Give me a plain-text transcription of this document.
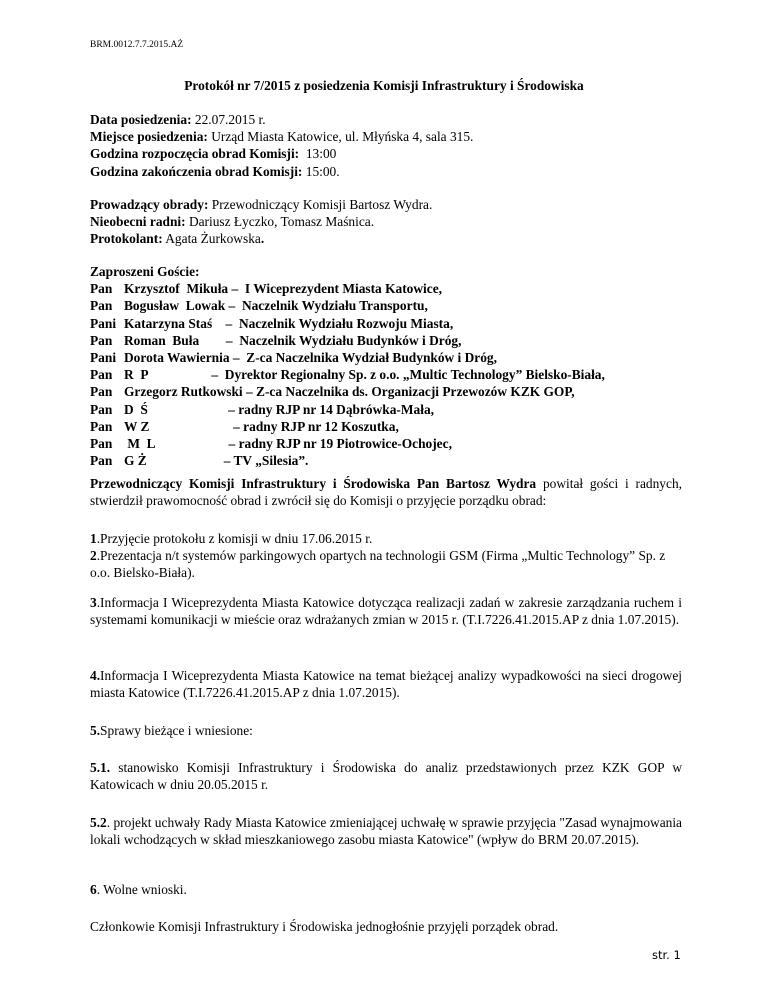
BRM.0012.7.7.2015.AŻ
Protokół nr 7/2015 z posiedzenia Komisji Infrastruktury i Środowiska

Data posiedzenia: 22.07.2015 r.

Miejsce posiedzenia: Urząd Miasta Katowice, ul. Młyńska 4, sala 315.

Godzina rozpoczęcia obrad Komisji:  13:00

Godzina zakończenia obrad Komisji: 15:00.

Prowadzący obrady: Przewodniczący Komisji Bartosz Wydra.

Nieobecni radni: Dariusz Łyczko, Tomasz Maśnica.

Protokolant: Agata Żurkowska.

Zaproszeni Goście:
Pan Krzysztof  Mikuła – I Wiceprezydent Miasta Katowice,
Pan Bogusław  Lowak – Naczelnik Wydziału Transportu,
Pani Katarzyna Staś    – Naczelnik Wydziału Rozwoju Miasta,
Pan Roman  Buła        – Naczelnik Wydziału Budynków i Dróg,
Pani Dorota Wawiernia – Z-ca Naczelnika Wydział Budynków i Dróg,
Pan R  P                   – Dyrektor Regionalny Sp. z o.o. „Multic Technology” Bielsko-Biała,
Pan Grzegorz Rutkowski – Z-ca Naczelnika ds. Organizacji Przewozów KZK GOP,
Pan D  Ś                        – radny RJP nr 14 Dąbrówka-Mała,
Pan W Z                         – radny RJP nr 12 Koszutka,
Pan M  L                      – radny RJP nr 19 Piotrowice-Ochojec,
Pan G Ż                       – TV „Silesia”.
Przewodniczący Komisji Infrastruktury i Środowiska Pan Bartosz Wydra powitał gości i radnych, stwierdził prawomocność obrad i zwrócił się do Komisji o przyjęcie porządku obrad:

1.Przyjęcie protokołu z komisji w dniu 17.06.2015 r.

2.Prezentacja n/t systemów parkingowych opartych na technologii GSM (Firma „Multic Technology” Sp. z o.o. Bielsko-Biała).

3.Informacja I Wiceprezydenta Miasta Katowice dotycząca realizacji zadań w zakresie zarządzania ruchem i systemami komunikacji w mieście oraz wdrażanych zmian w 2015 r. (T.I.7226.41.2015.AP z dnia 1.07.2015).
4.Informacja I Wiceprezydenta Miasta Katowice na temat bieżącej analizy wypadkowości na sieci drogowej miasta Katowice (T.I.7226.41.2015.AP z dnia 1.07.2015).
5.Sprawy bieżące i wniesione:
5.1. stanowisko Komisji Infrastruktury i Środowiska do analiz przedstawionych przez KZK GOP w Katowicach w dniu 20.05.2015 r.
5.2. projekt uchwały Rady Miasta Katowice zmieniającej uchwałę w sprawie przyjęcia "Zasad wynajmowania lokali wchodzących w skład mieszkaniowego zasobu miasta Katowice" (wpływ do BRM 20.07.2015).
6. Wolne wnioski.
Członkowie Komisji Infrastruktury i Środowiska jednogłośnie przyjęli porządek obrad.
str. 1
